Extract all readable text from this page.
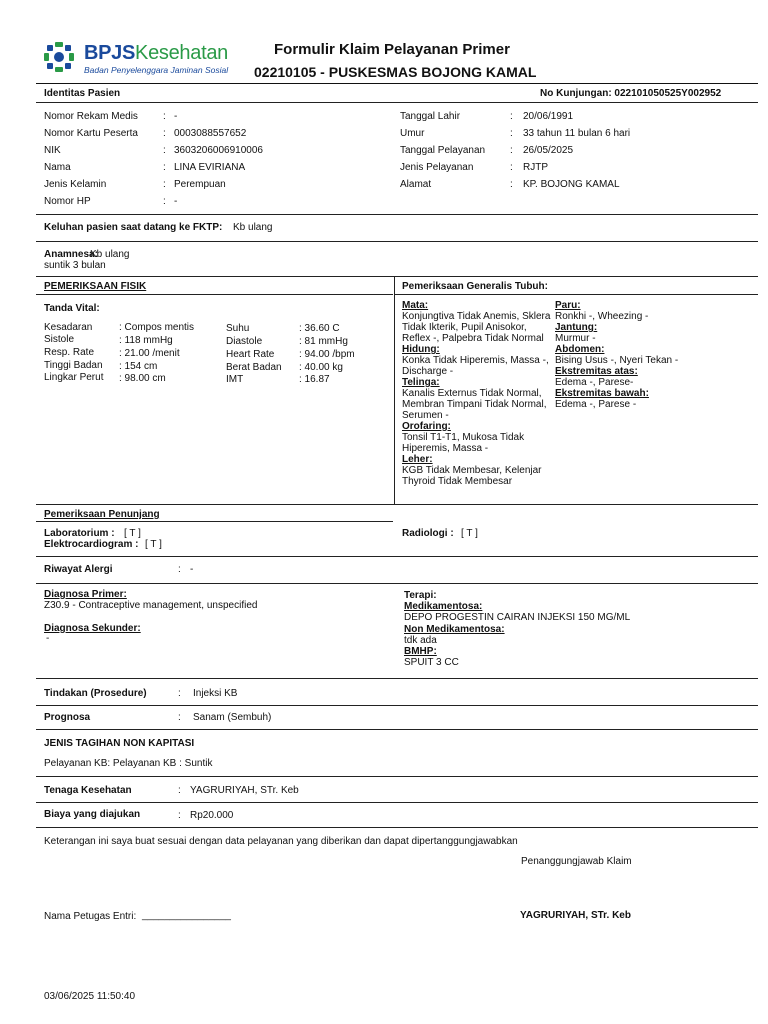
BPJSKesehatan
Badan Penyelenggara Jaminan Sosial
Formulir Klaim Pelayanan Primer
02210105 - PUSKESMAS BOJONG KAMAL
Identitas Pasien	No Kunjungan: 022101050525Y002952
Nomor Rekam Medis	: -
Nomor Kartu Peserta	: 0003088557652
NIK	: 3603206006910006
Nama	: LINA EVIRIANA
Jenis Kelamin	: Perempuan
Nomor HP	: -
Tanggal Lahir	: 20/06/1991
Umur	: 33 tahun 11 bulan 6 hari
Tanggal Pelayanan : 26/05/2025
Jenis Pelayanan	: RJTP
Alamat	: KP. BOJONG KAMAL
Keluhan pasien saat datang ke FKTP: Kb ulang
Anamnesa:
Kb ulang
suntik 3 bulan
PEMERIKSAAN FISIK
Tanda Vital:
Kesadaran	: Compos mentis
Sistole	: 118 mmHg
Resp. Rate : 21.00 /menit
Tinggi Badan : 154 cm
Lingkar Perut : 98.00 cm
Suhu	: 36.60 C
Diastole	: 81 mmHg
Heart Rate : 94.00 /bpm
Berat Badan : 40.00 kg
IMT	: 16.87
Pemeriksaan Generalis Tubuh:
Mata:
Konjungtiva Tidak Anemis, Sklera Tidak Ikterik, Pupil Anisokor, Reflex -, Palpebra Tidak Normal
Hidung:
Konka Tidak Hiperemis, Massa -, Discharge -
Telinga:
Kanalis Externus Tidak Normal, Membran Timpani Tidak Normal, Serumen -
Orofaring:
Tonsil T1-T1, Mukosa Tidak Hiperemis, Massa -
Leher:
KGB Tidak Membesar, Kelenjar Thyroid Tidak Membesar
Paru:
Ronkhi -, Wheezing -
Jantung:
Murmur -
Abdomen:
Bising Usus -, Nyeri Tekan -
Ekstremitas atas:
Edema -, Parese-
Ekstremitas bawah:
Edema -, Parese -
Pemeriksaan Penunjang
Laboratorium : [ T ]
Elektrocardiogram : [ T ]
Radiologi : [ T ]
Riwayat Alergi	: -
Diagnosa Primer:
Z30.9 - Contraceptive management, unspecified
Diagnosa Sekunder:
-
Terapi:
Medikamentosa:
DEPO PROGESTIN CAIRAN INJEKSI 150 MG/ML
Non Medikamentosa:
tdk ada
BMHP:
SPUIT 3 CC
Tindakan (Prosedure)	: Injeksi KB
Prognosa	: Sanam (Sembuh)
JENIS TAGIHAN NON KAPITASI
Pelayanan KB: Pelayanan KB : Suntik
Tenaga Kesehatan	: YAGRURIYAH, STr. Keb
Biaya yang diajukan	: Rp20.000
Keterangan ini saya buat sesuai dengan data pelayanan yang diberikan dan dapat dipertanggungjawabkan
Penanggungjawab Klaim
Nama Petugas Entri: ________________	YAGRURIYAH, STr. Keb
03/06/2025 11:50:40
